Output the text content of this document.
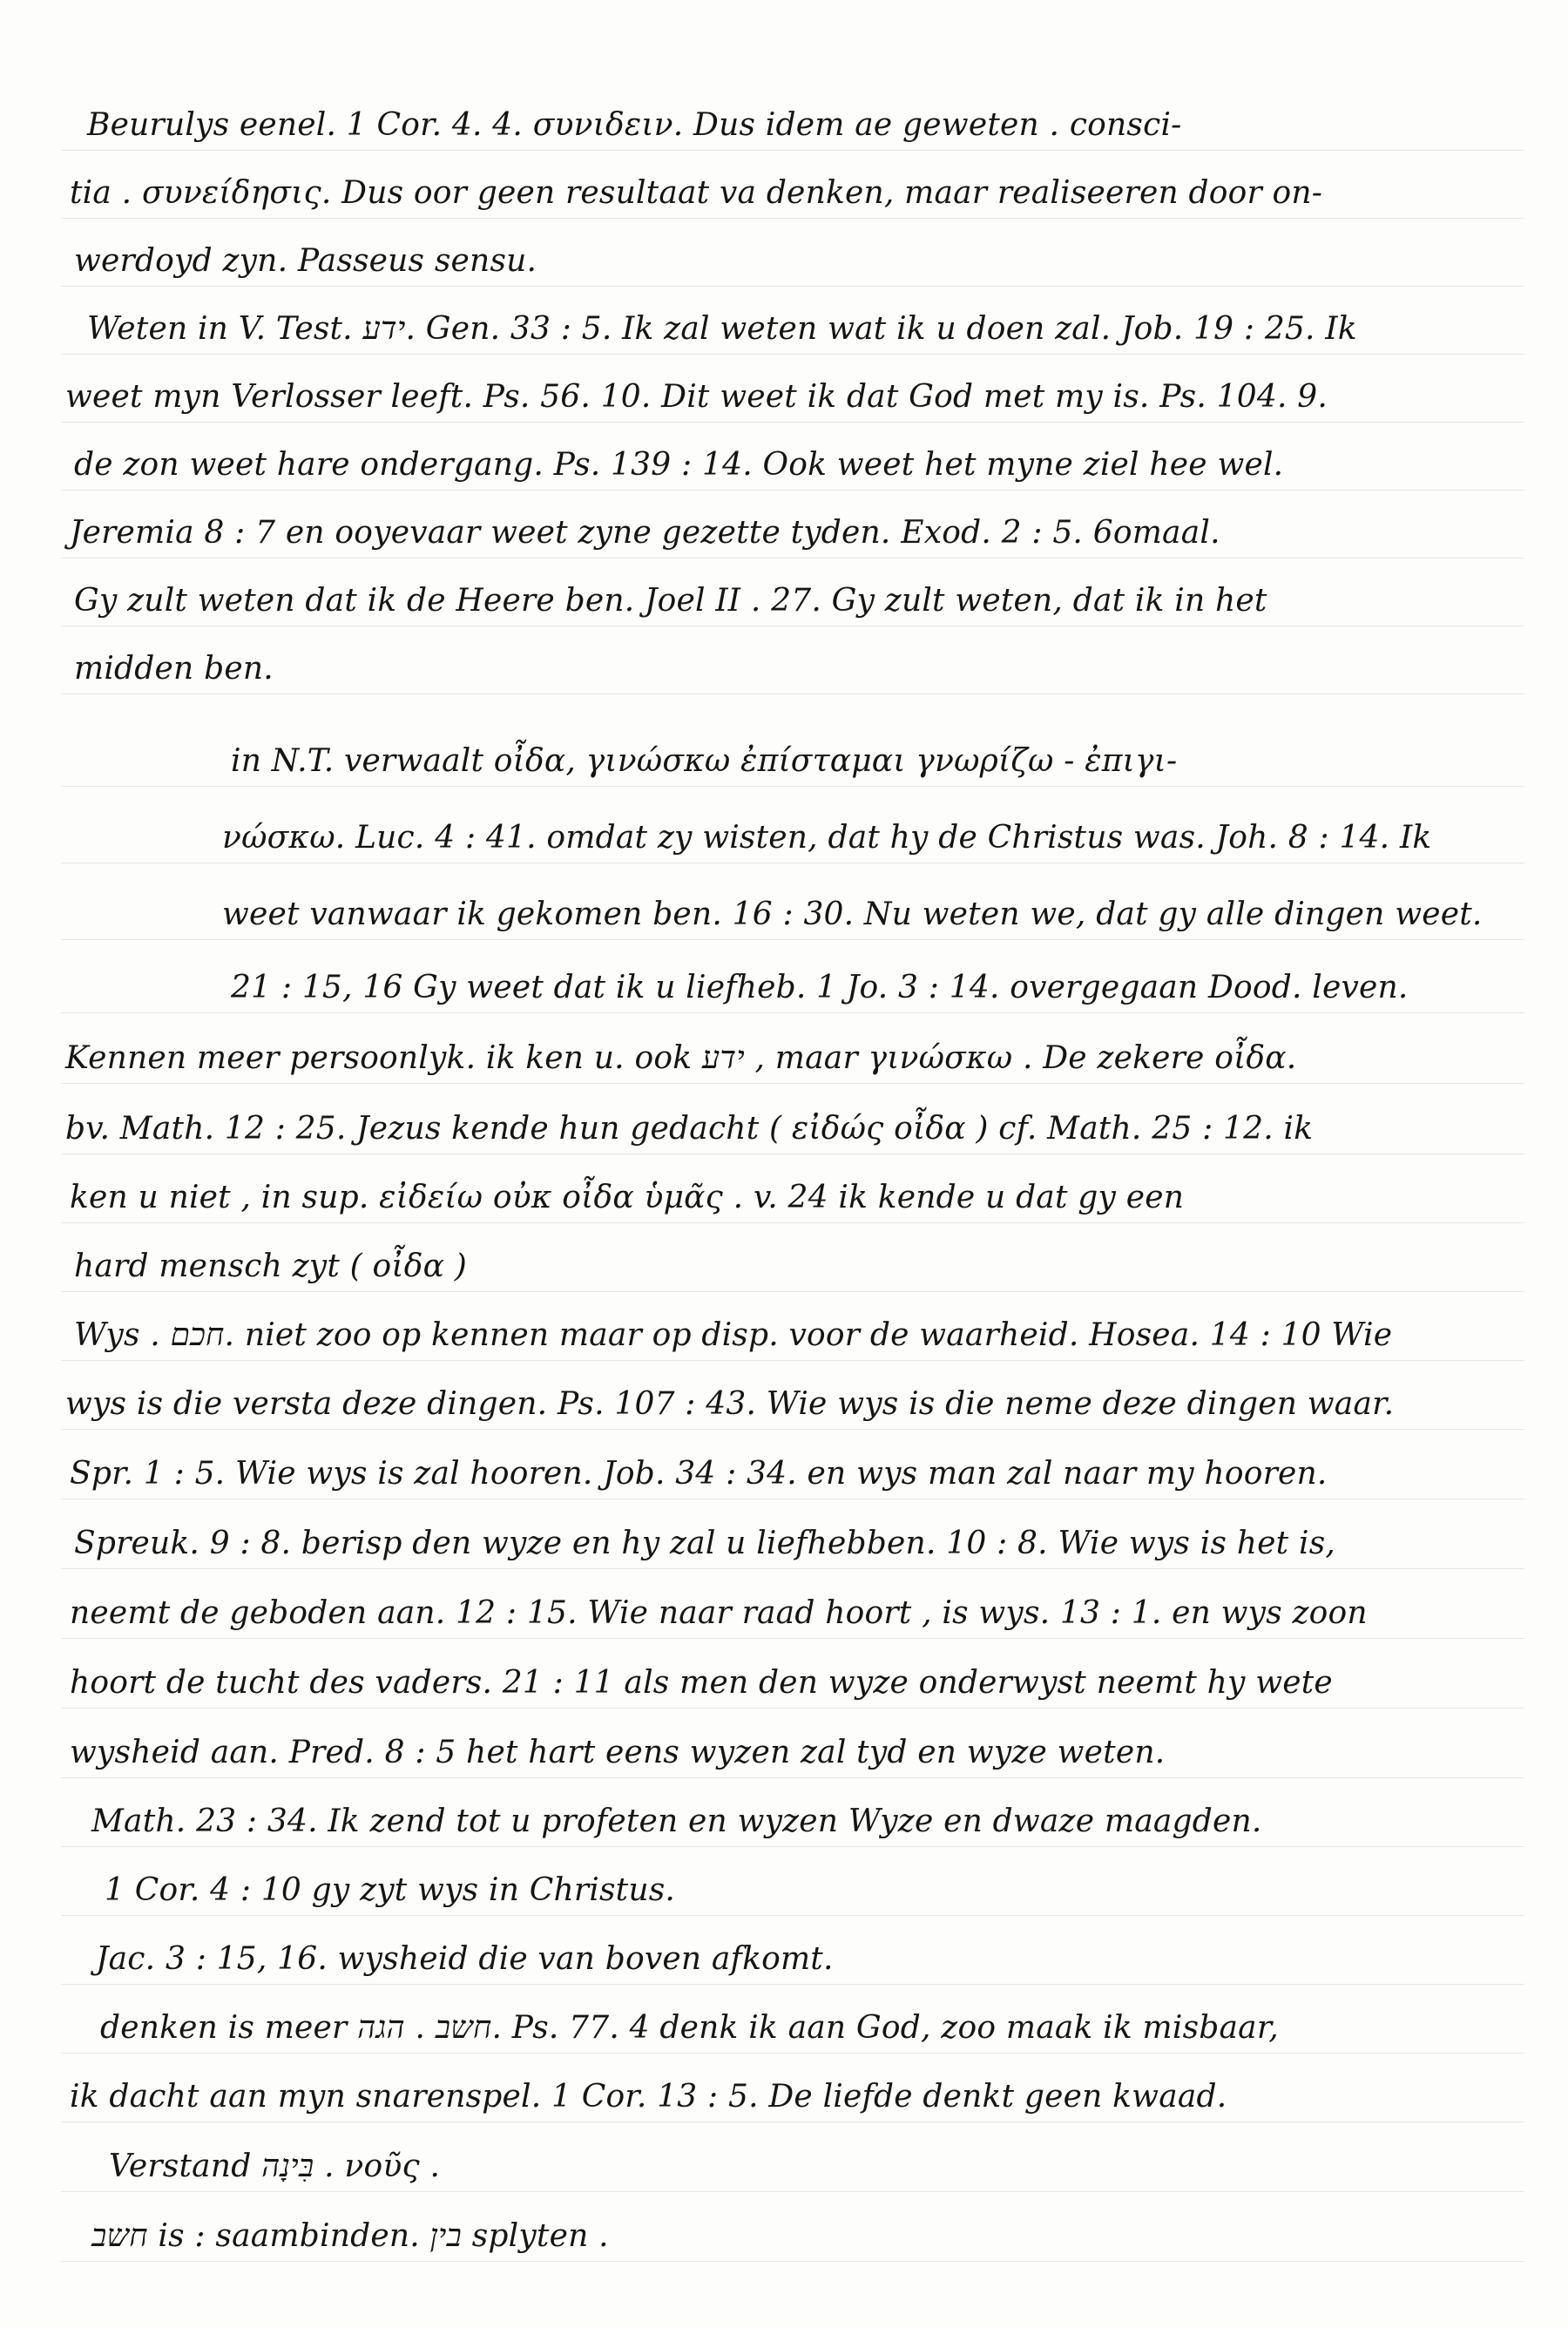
Beurulys eenel. 1 Cor. 4. 4. συνιδειν. Dus idem ae geweten . consci-
tia . συνείδησις. Dus oor geen resultaat va denken, maar realiseeren door on-
werdoyd zyn. Passeus sensu.
Weten in V. Test. ידע. Gen. 33 : 5. Ik zal weten wat ik u doen zal. Job. 19 : 25. Ik
weet myn Verlosser leeft. Ps. 56. 10. Dit weet ik dat God met my is. Ps. 104. 9.
de zon weet hare ondergang. Ps. 139 : 14. Ook weet het myne ziel hee wel.
Jeremia 8 : 7 en ooyevaar weet zyne gezette tyden. Exod. 2 : 5. 6omaal.
Gy zult weten dat ik de Heere ben. Joel II . 27. Gy zult weten, dat ik in het
midden ben.
in N.T. verwaalt οἶδα, γινώσκω ἐπίσταμαι γνωρίζω - ἐπιγι-
νώσκω. Luc. 4 : 41. omdat zy wisten, dat hy de Christus was. Joh. 8 : 14. Ik
weet vanwaar ik gekomen ben. 16 : 30. Nu weten we, dat gy alle dingen weet.
21 : 15, 16 Gy weet dat ik u liefheb. 1 Jo. 3 : 14. overgegaan Dood. leven.
Kennen meer persoonlyk. ik ken u. ook ידע , maar γινώσκω . De zekere οἶδα.
bv. Math. 12 : 25. Jezus kende hun gedacht ( εἰδώς οἶδα ) cf. Math. 25 : 12. ik
ken u niet , in sup. εἰδείω οὐκ οἶδα ὑμᾶς . v. 24 ik kende u dat gy een
hard mensch zyt ( οἶδα )
Wys . חכם. niet zoo op kennen maar op disp. voor de waarheid. Hosea. 14 : 10 Wie
wys is die versta deze dingen. Ps. 107 : 43. Wie wys is die neme deze dingen waar.
Spr. 1 : 5. Wie wys is zal hooren. Job. 34 : 34. en wys man zal naar my hooren.
Spreuk. 9 : 8. berisp den wyze en hy zal u liefhebben. 10 : 8. Wie wys is het is,
neemt de geboden aan. 12 : 15. Wie naar raad hoort , is wys. 13 : 1. en wys zoon
hoort de tucht des vaders. 21 : 11 als men den wyze onderwyst neemt hy wete
wysheid aan. Pred. 8 : 5 het hart eens wyzen zal tyd en wyze weten.
Math. 23 : 34. Ik zend tot u profeten en wyzen Wyze en dwaze maagden.
1 Cor. 4 : 10 gy zyt wys in Christus.
Jac. 3 : 15, 16. wysheid die van boven afkomt.
denken is meer חשב . הגה. Ps. 77. 4 denk ik aan God, zoo maak ik misbaar,
ik dacht aan myn snarenspel. 1 Cor. 13 : 5. De liefde denkt geen kwaad.
Verstand בִּינָה . νοῦς .
חשב is : saambinden. בין splyten .
